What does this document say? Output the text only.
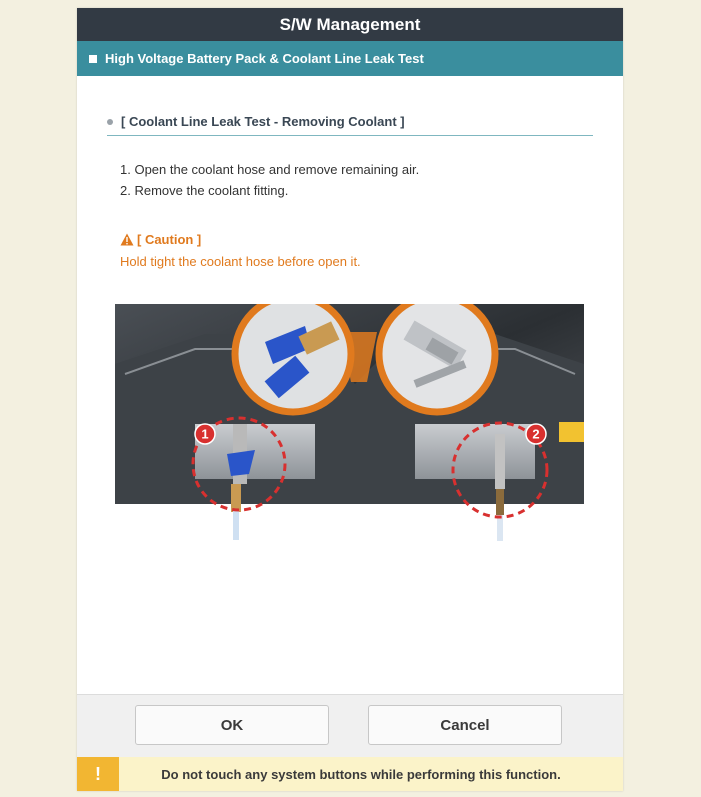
S/W Management
High Voltage Battery Pack & Coolant Line Leak Test
[ Coolant Line Leak Test - Removing Coolant ]
1. Open the coolant hose and remove remaining air.
2. Remove the coolant fitting.
[ Caution ]
Hold tight the coolant hose before open it.
1	2
OK	Cancel
!	Do not touch any system buttons while performing this function.
